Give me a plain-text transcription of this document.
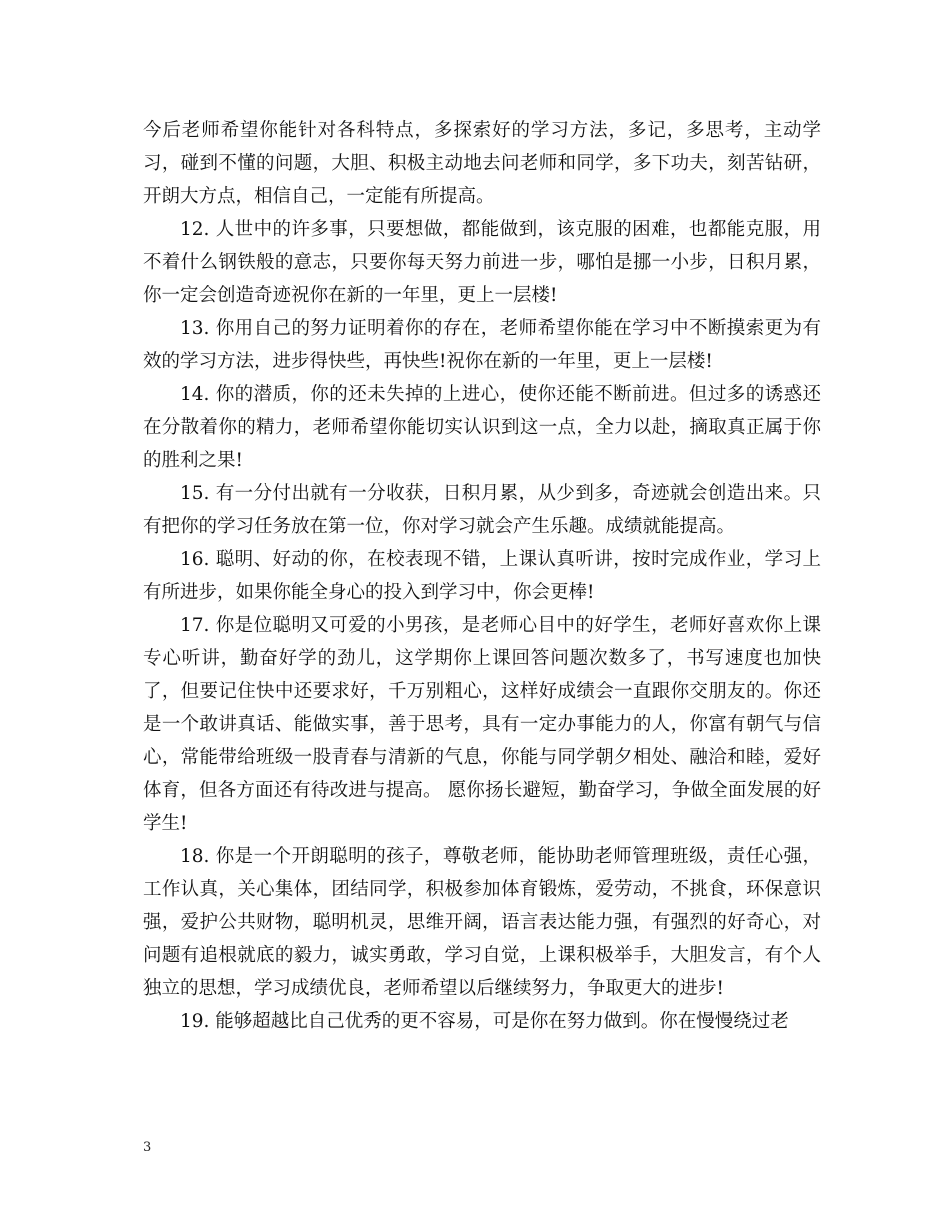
今后老师希望你能针对各科特点，多探索好的学习方法，多记，多思考，主动学习，碰到不懂的问题，大胆、积极主动地去问老师和同学，多下功夫，刻苦钻研，开朗大方点，相信自己，一定能有所提高。

12. 人世中的许多事，只要想做，都能做到，该克服的困难，也都能克服，用不着什么钢铁般的意志，只要你每天努力前进一步，哪怕是挪一小步，日积月累，你一定会创造奇迹祝你在新的一年里，更上一层楼!

13. 你用自己的努力证明着你的存在，老师希望你能在学习中不断摸索更为有效的学习方法，进步得快些，再快些!祝你在新的一年里，更上一层楼!

14. 你的潜质，你的还未失掉的上进心，使你还能不断前进。但过多的诱惑还在分散着你的精力，老师希望你能切实认识到这一点，全力以赴，摘取真正属于你的胜利之果!

15. 有一分付出就有一分收获，日积月累，从少到多，奇迹就会创造出来。只有把你的学习任务放在第一位，你对学习就会产生乐趣。成绩就能提高。

16. 聪明、好动的你，在校表现不错，上课认真听讲，按时完成作业，学习上有所进步，如果你能全身心的投入到学习中，你会更棒!

17. 你是位聪明又可爱的小男孩，是老师心目中的好学生，老师好喜欢你上课专心听讲，勤奋好学的劲儿，这学期你上课回答问题次数多了，书写速度也加快了，但要记住快中还要求好，千万别粗心，这样好成绩会一直跟你交朋友的。你还是一个敢讲真话、能做实事，善于思考，具有一定办事能力的人，你富有朝气与信心，常能带给班级一股青春与清新的气息，你能与同学朝夕相处、融洽和睦，爱好体育，但各方面还有待改进与提高。 愿你扬长避短，勤奋学习，争做全面发展的好学生!

18. 你是一个开朗聪明的孩子，尊敬老师，能协助老师管理班级，责任心强，工作认真，关心集体，团结同学，积极参加体育锻炼，爱劳动，不挑食，环保意识强，爱护公共财物，聪明机灵，思维开阔，语言表达能力强，有强烈的好奇心，对问题有追根就底的毅力，诚实勇敢，学习自觉，上课积极举手，大胆发言，有个人独立的思想，学习成绩优良，老师希望以后继续努力，争取更大的进步!

19. 能够超越比自己优秀的更不容易，可是你在努力做到。你在慢慢绕过老

3
